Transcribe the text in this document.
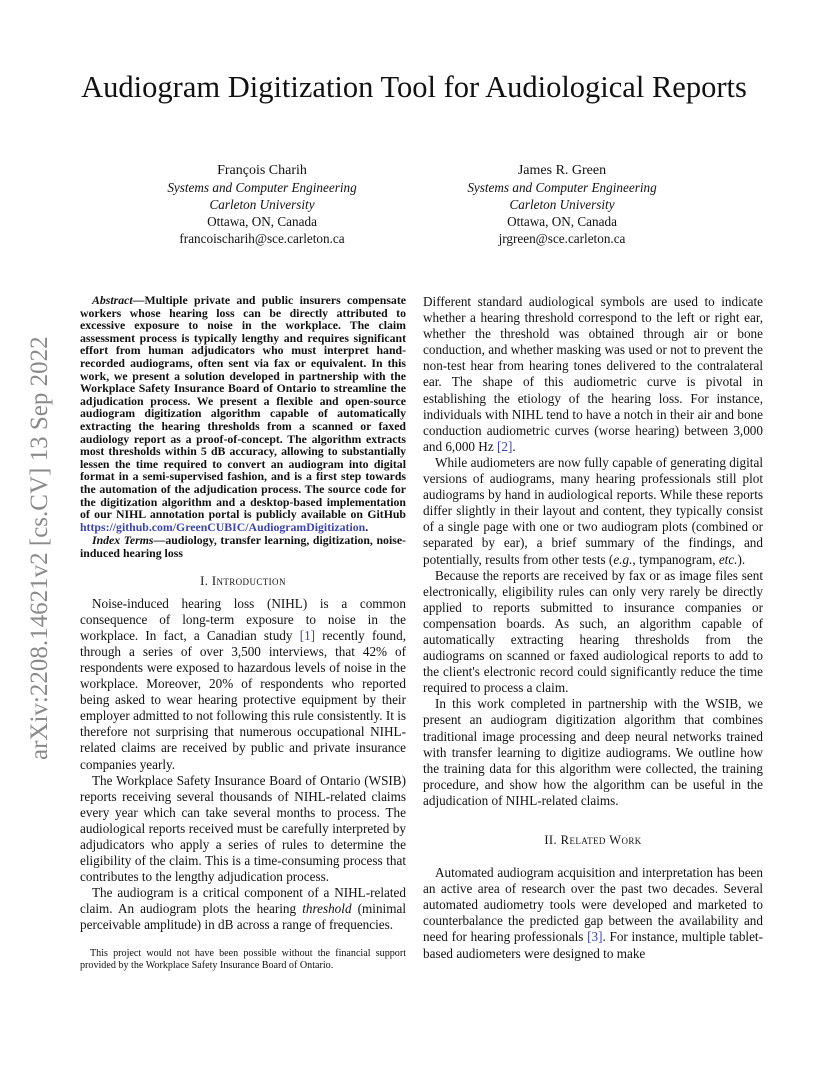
Audiogram Digitization Tool for Audiological Reports
François Charih
Systems and Computer Engineering
Carleton University
Ottawa, ON, Canada
francoischarih@sce.carleton.ca
James R. Green
Systems and Computer Engineering
Carleton University
Ottawa, ON, Canada
jrgreen@sce.carleton.ca
arXiv:2208.14621v2 [cs.CV] 13 Sep 2022

Abstract—Multiple private and public insurers compensate workers whose hearing loss can be directly attributed to excessive exposure to noise in the workplace. The claim assessment process is typically lengthy and requires significant effort from human adjudicators who must interpret hand-recorded audiograms, often sent via fax or equivalent. In this work, we present a solution developed in partnership with the Workplace Safety Insurance Board of Ontario to streamline the adjudication process. We present a flexible and open-source audiogram digitization algorithm capable of automatically extracting the hearing thresholds from a scanned or faxed audiology report as a proof-of-concept. The algorithm extracts most thresholds within 5 dB accuracy, allowing to substantially lessen the time required to convert an audiogram into digital format in a semi-supervised fashion, and is a first step towards the automation of the adjudication process. The source code for the digitization algorithm and a desktop-based implementation of our NIHL annotation portal is publicly available on GitHub https://github.com/GreenCUBIC/AudiogramDigitization.

Index Terms—audiology, transfer learning, digitization, noise-induced hearing loss

I. Introduction

Noise-induced hearing loss (NIHL) is a common consequence of long-term exposure to noise in the workplace. In fact, a Canadian study [1] recently found, through a series of over 3,500 interviews, that 42% of respondents were exposed to hazardous levels of noise in the workplace. Moreover, 20% of respondents who reported being asked to wear hearing protective equipment by their employer admitted to not following this rule consistently. It is therefore not surprising that numerous occupational NIHL-related claims are received by public and private insurance companies yearly.

The Workplace Safety Insurance Board of Ontario (WSIB) reports receiving several thousands of NIHL-related claims every year which can take several months to process. The audiological reports received must be carefully interpreted by adjudicators who apply a series of rules to determine the eligibility of the claim. This is a time-consuming process that contributes to the lengthy adjudication process.

The audiogram is a critical component of a NIHL-related claim. An audiogram plots the hearing threshold (minimal perceivable amplitude) in dB across a range of frequencies.

This project would not have been possible without the financial support provided by the Workplace Safety Insurance Board of Ontario.

Different standard audiological symbols are used to indicate whether a hearing threshold correspond to the left or right ear, whether the threshold was obtained through air or bone conduction, and whether masking was used or not to prevent the non-test hear from hearing tones delivered to the contralateral ear. The shape of this audiometric curve is pivotal in establishing the etiology of the hearing loss. For instance, individuals with NIHL tend to have a notch in their air and bone conduction audiometric curves (worse hearing) between 3,000 and 6,000 Hz [2].

While audiometers are now fully capable of generating digital versions of audiograms, many hearing professionals still plot audiograms by hand in audiological reports. While these reports differ slightly in their layout and content, they typically consist of a single page with one or two audiogram plots (combined or separated by ear), a brief summary of the findings, and potentially, results from other tests (e.g., tympanogram, etc.).

Because the reports are received by fax or as image files sent electronically, eligibility rules can only very rarely be directly applied to reports submitted to insurance companies or compensation boards. As such, an algorithm capable of automatically extracting hearing thresholds from the audiograms on scanned or faxed audiological reports to add to the client's electronic record could significantly reduce the time required to process a claim.

In this work completed in partnership with the WSIB, we present an audiogram digitization algorithm that combines traditional image processing and deep neural networks trained with transfer learning to digitize audiograms. We outline how the training data for this algorithm were collected, the training procedure, and show how the algorithm can be useful in the adjudication of NIHL-related claims.

II. Related Work

Automated audiogram acquisition and interpretation has been an active area of research over the past two decades. Several automated audiometry tools were developed and marketed to counterbalance the predicted gap between the availability and need for hearing professionals [3]. For instance, multiple tablet-based audiometers were designed to make
